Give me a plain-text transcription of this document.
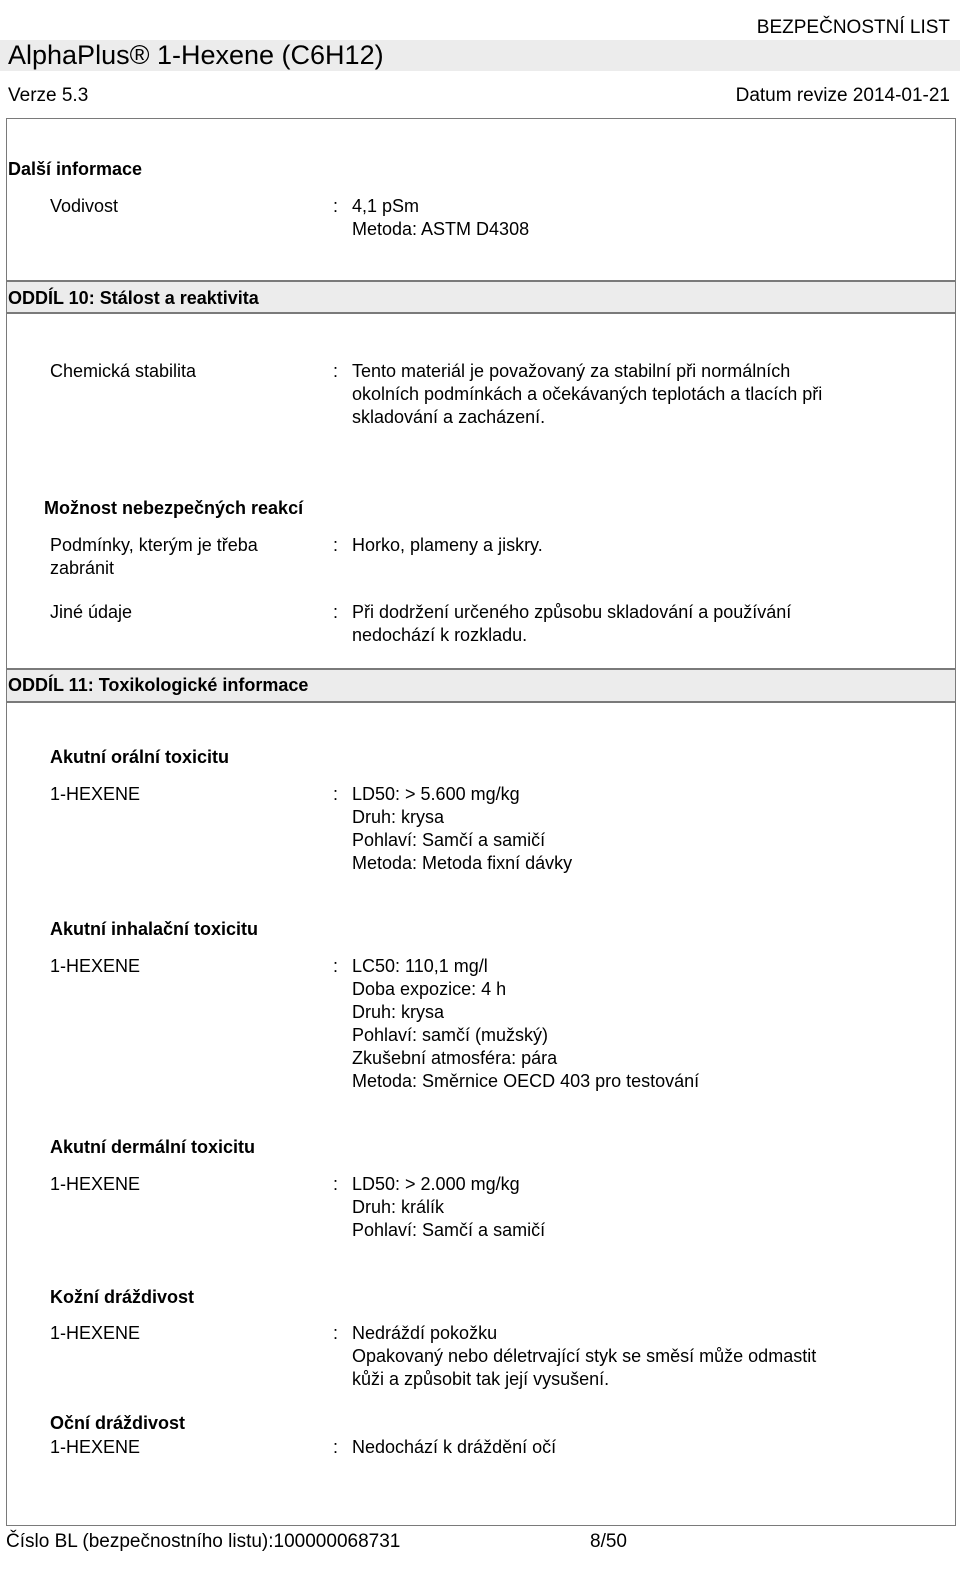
BEZPEČNOSTNÍ LIST
AlphaPlus® 1-Hexene (C6H12)
Verze 5.3	Datum revize 2014-01-21
Další informace
Vodivost	: 4,1 pSm
Metoda: ASTM D4308
ODDÍL 10: Stálost a reaktivita
Chemická stabilita	: Tento materiál je považovaný za stabilní při normálních
okolních podmínkách a očekávaných teplotách a tlacích při
skladování a zacházení.
Možnost nebezpečných reakcí
Podmínky, kterým je třeba
zabránit
: Horko, plameny a jiskry.
Jiné údaje	: Při dodržení určeného způsobu skladování a používání
nedochází k rozkladu.
ODDÍL 11: Toxikologické informace
Akutní orální toxicitu
1-HEXENE	: LD50: > 5.600 mg/kg
Druh: krysa
Pohlaví: Samčí a samičí
Metoda: Metoda fixní dávky
Akutní inhalační toxicitu
1-HEXENE	: LC50: 110,1 mg/l
Doba expozice: 4 h
Druh: krysa
Pohlaví: samčí (mužský)
Zkušební atmosféra: pára
Metoda: Směrnice OECD 403 pro testování
Akutní dermální toxicitu
1-HEXENE	: LD50: > 2.000 mg/kg
Druh: králík
Pohlaví: Samčí a samičí
Kožní dráždivost
1-HEXENE	: Nedráždí pokožku
Opakovaný nebo déletrvající styk se směsí může odmastit
kůži a způsobit tak její vysušení.
Oční dráždivost
1-HEXENE	: Nedochází k dráždění očí
Číslo BL (bezpečnostního listu):100000068731	8/50
